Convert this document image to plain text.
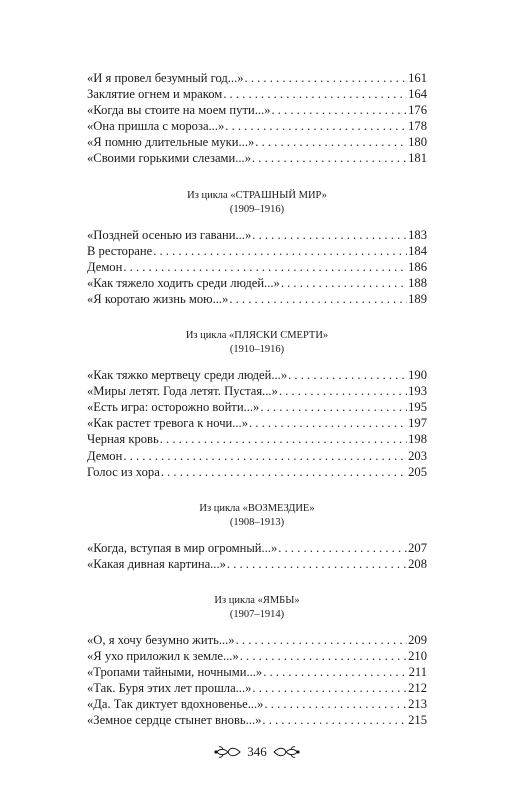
«И я провел безумный год...» . . .	161
Заклятие огнем и мраком . . .	164
«Когда вы стоите на моем пути...» . . .	176
«Она пришла с мороза...» . . .	178
«Я помню длительные муки...» . . .	180
«Своими горькими слезами...» . . .	181
Из цикла «СТРАШНЫЙ МИР»
(1909–1916)
«Поздней осенью из гавани...» . . .	183
В ресторане . . .	184
Демон . . .	186
«Как тяжело ходить среди людей...» . . .	188
«Я коротаю жизнь мою...» . . .	189
Из цикла «ПЛЯСКИ СМЕРТИ»
(1910–1916)
«Как тяжко мертвецу среди людей...» . . .	190
«Миры летят. Года летят. Пустая...» . . .	193
«Есть игра: осторожно войти...» . . .	195
«Как растет тревога к ночи...» . . .	197
Черная кровь . . .	198
Демон . . .	203
Голос из хора . . .	205
Из цикла «ВОЗМЕЗДИЕ»
(1908–1913)
«Когда, вступая в мир огромный...» . . .	207
«Какая дивная картина...» . . .	208
Из цикла «ЯМБЫ»
(1907–1914)
«О, я хочу безумно жить...» . . .	209
«Я ухо приложил к земле...» . . .	210
«Тропами тайными, ночными...» . . .	211
«Так. Буря этих лет прошла...» . . .	212
«Да. Так диктует вдохновенье...» . . .	213
«Земное сердце стынет вновь...» . . .	215
346
